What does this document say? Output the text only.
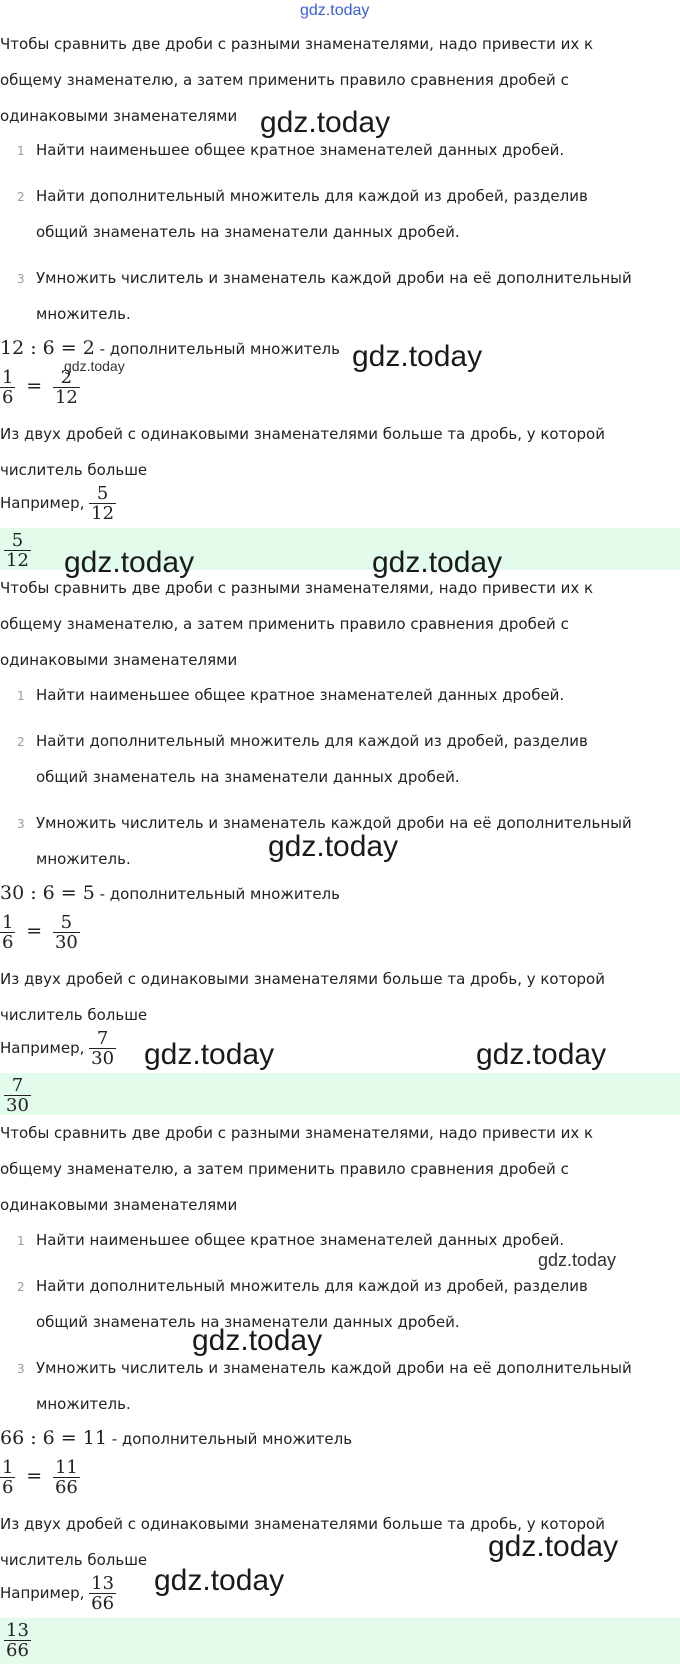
gdz.today
Чтобы сравнить две дроби с разными знаменателями, надо привести их к
общему знаменателю, а затем применить правило сравнения дробей с
одинаковыми знаменателями
1 Найти наименьшее общее кратное знаменателей данных дробей.
2 Найти дополнительный множитель для каждой из дробей, разделив
общий знаменатель на знаменатели данных дробей.
3 Умножить числитель и знаменатель каждой дроби на её дополнительный
множитель.
12 : 6 = 2 - дополнительный множитель
$\frac{1}{6} = \frac{2}{12}$
Из двух дробей с одинаковыми знаменателями больше та дробь, у которой
числитель больше
Например, $\frac{5}{12}$
$\frac{5}{12}$
Чтобы сравнить две дроби с разными знаменателями, надо привести их к
общему знаменателю, а затем применить правило сравнения дробей с
одинаковыми знаменателями
1 Найти наименьшее общее кратное знаменателей данных дробей.
2 Найти дополнительный множитель для каждой из дробей, разделив
общий знаменатель на знаменатели данных дробей.
3 Умножить числитель и знаменатель каждой дроби на её дополнительный
множитель.
30 : 6 = 5 - дополнительный множитель
$\frac{1}{6} = \frac{5}{30}$
Из двух дробей с одинаковыми знаменателями больше та дробь, у которой
числитель больше
Например, $\frac{7}{30}$
$\frac{7}{30}$
Чтобы сравнить две дроби с разными знаменателями, надо привести их к
общему знаменателю, а затем применить правило сравнения дробей с
одинаковыми знаменателями
1 Найти наименьшее общее кратное знаменателей данных дробей.
2 Найти дополнительный множитель для каждой из дробей, разделив
общий знаменатель на знаменатели данных дробей.
3 Умножить числитель и знаменатель каждой дроби на её дополнительный
множитель.
66 : 6 = 11 - дополнительный множитель
$\frac{1}{6} = \frac{11}{66}$
Из двух дробей с одинаковыми знаменателями больше та дробь, у которой
числитель больше
Например, $\frac{13}{66}$
$\frac{13}{66}$
gdz.today
gdz.today
gdz.today
gdz.today	gdz.today
gdz.today
gdz.today	gdz.today
gdz.today
gdz.today
gdz.today
gdz.today
